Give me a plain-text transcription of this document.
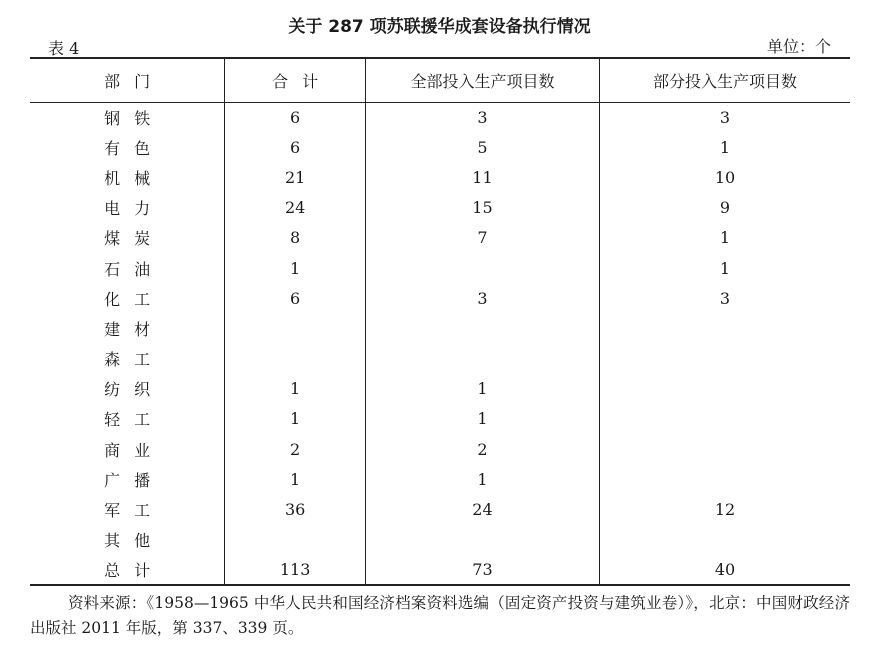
关于 287 项苏联援华成套设备执行情况
表 4	单位：个
部门	合计	全部投入生产项目数	部分投入生产项目数
钢铁	6	3	3
有色	6	5	1
机械	21	11	10
电力	24	15	9
煤炭	8	7	1
石油	1		1
化工	6	3	3
建材			
森工			
纺织	1	1	
轻工	1	1	
商业	2	2	
广播	1	1	
军工	36	24	12
其他			
总计	113	73	40
资料来源：《1958—1965 中华人民共和国经济档案资料选编（固定资产投资与建筑业卷）》，北京：中国财政经济出版社 2011 年版，第 337、339 页。
